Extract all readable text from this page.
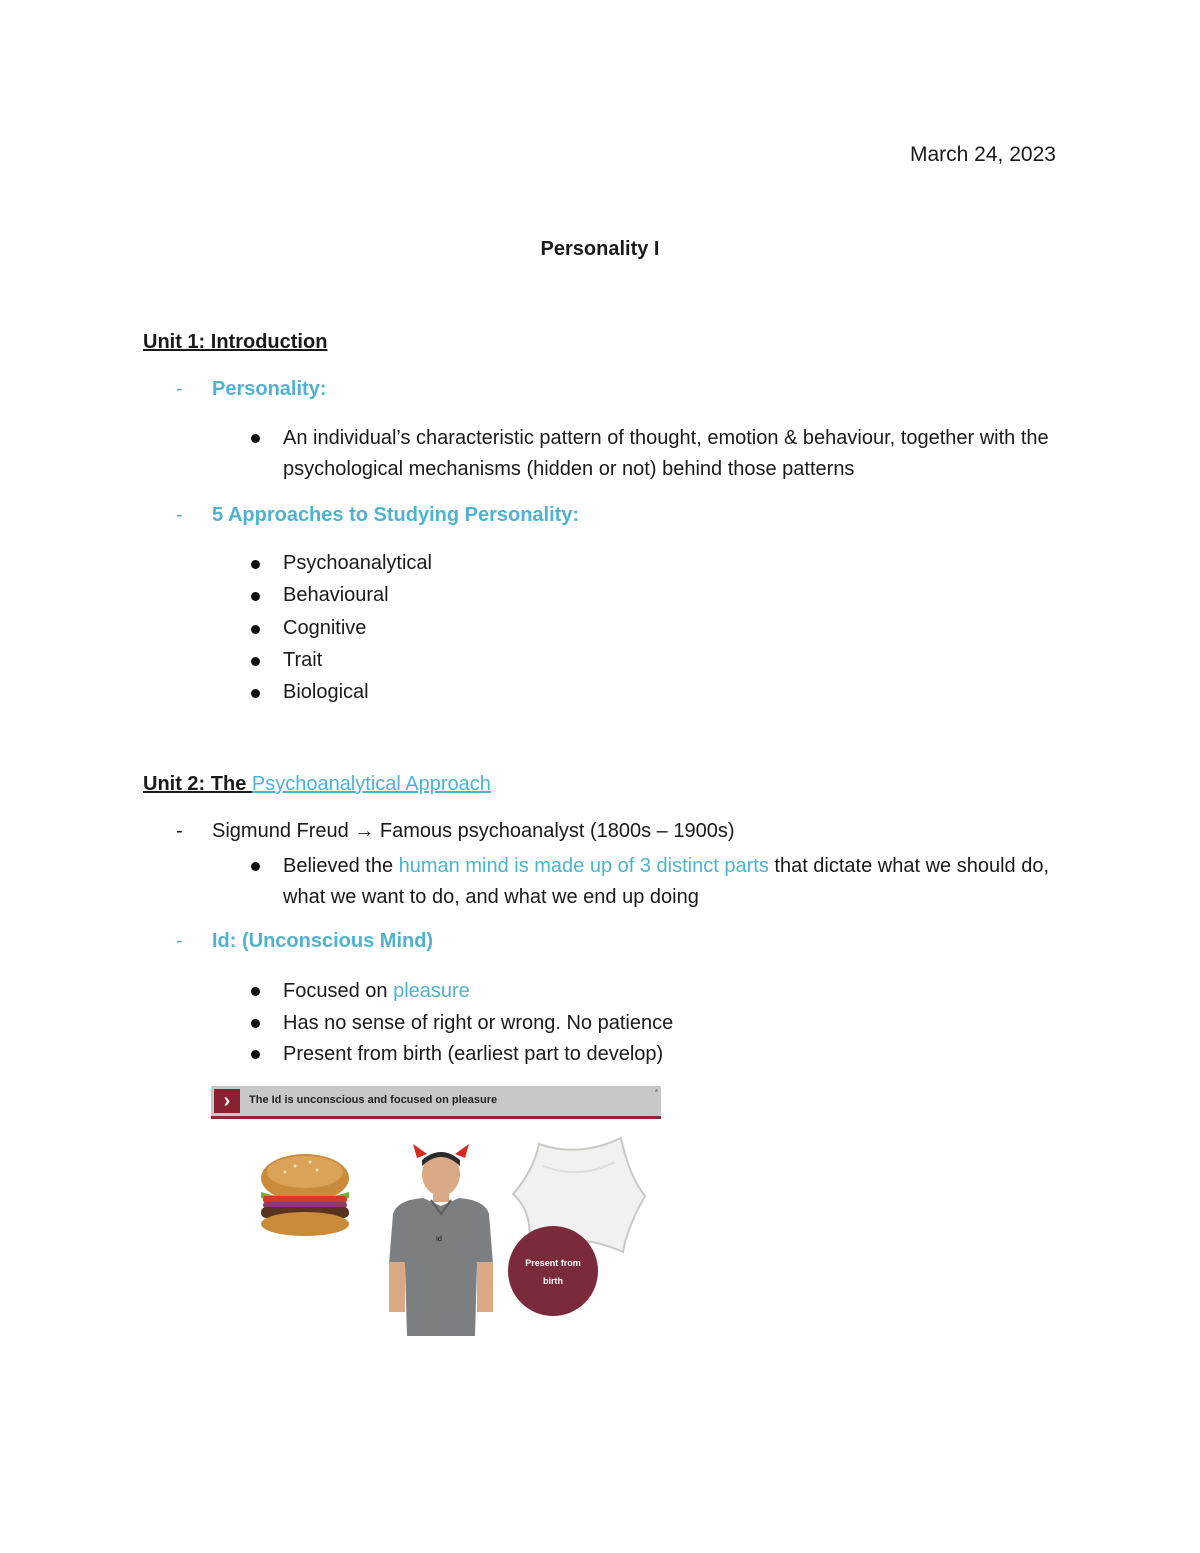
March 24, 2023
Personality I
Unit 1: Introduction
- Personality:
An individual’s characteristic pattern of thought, emotion & behaviour, together with the psychological mechanisms (hidden or not) behind those patterns
- 5 Approaches to Studying Personality:
Psychoanalytical
Behavioural
Cognitive
Trait
Biological
Unit 2: The Psychoanalytical Approach
- Sigmund Freud → Famous psychoanalyst (1800s – 1900s)
Believed the human mind is made up of 3 distinct parts that dictate what we should do, what we want to do, and what we end up doing
- Id: (Unconscious Mind)
Focused on pleasure
Has no sense of right or wrong. No patience
Present from birth (earliest part to develop)
›	The Id is unconscious and focused on pleasure
*
Id
Present from birth
